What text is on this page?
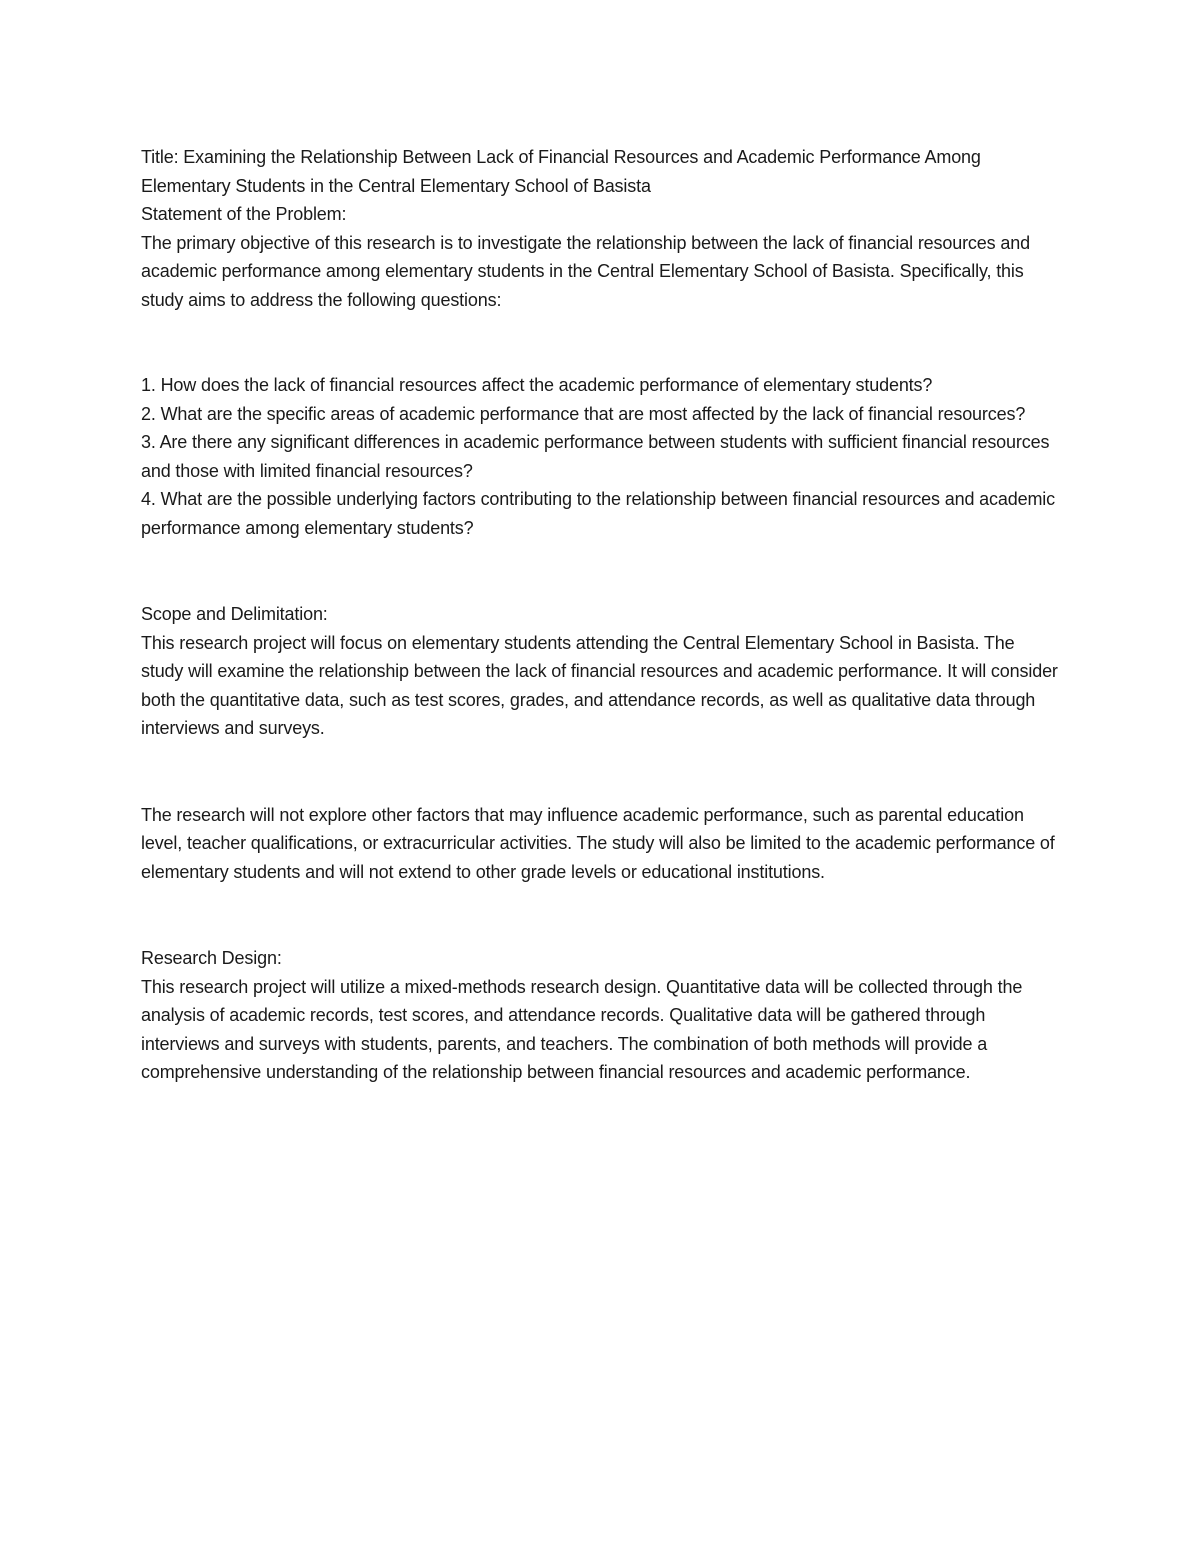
Title: Examining the Relationship Between Lack of Financial Resources and Academic Performance Among Elementary Students in the Central Elementary School of Basista

Statement of the Problem:

The primary objective of this research is to investigate the relationship between the lack of financial resources and academic performance among elementary students in the Central Elementary School of Basista. Specifically, this study aims to address the following questions:

1. How does the lack of financial resources affect the academic performance of elementary students?

2. What are the specific areas of academic performance that are most affected by the lack of financial resources?

3. Are there any significant differences in academic performance between students with sufficient financial resources and those with limited financial resources?

4. What are the possible underlying factors contributing to the relationship between financial resources and academic performance among elementary students?

Scope and Delimitation:

This research project will focus on elementary students attending the Central Elementary School in Basista. The study will examine the relationship between the lack of financial resources and academic performance. It will consider both the quantitative data, such as test scores, grades, and attendance records, as well as qualitative data through interviews and surveys.

The research will not explore other factors that may influence academic performance, such as parental education level, teacher qualifications, or extracurricular activities. The study will also be limited to the academic performance of elementary students and will not extend to other grade levels or educational institutions.

Research Design:

This research project will utilize a mixed-methods research design. Quantitative data will be collected through the analysis of academic records, test scores, and attendance records. Qualitative data will be gathered through interviews and surveys with students, parents, and teachers. The combination of both methods will provide a comprehensive understanding of the relationship between financial resources and academic performance.
